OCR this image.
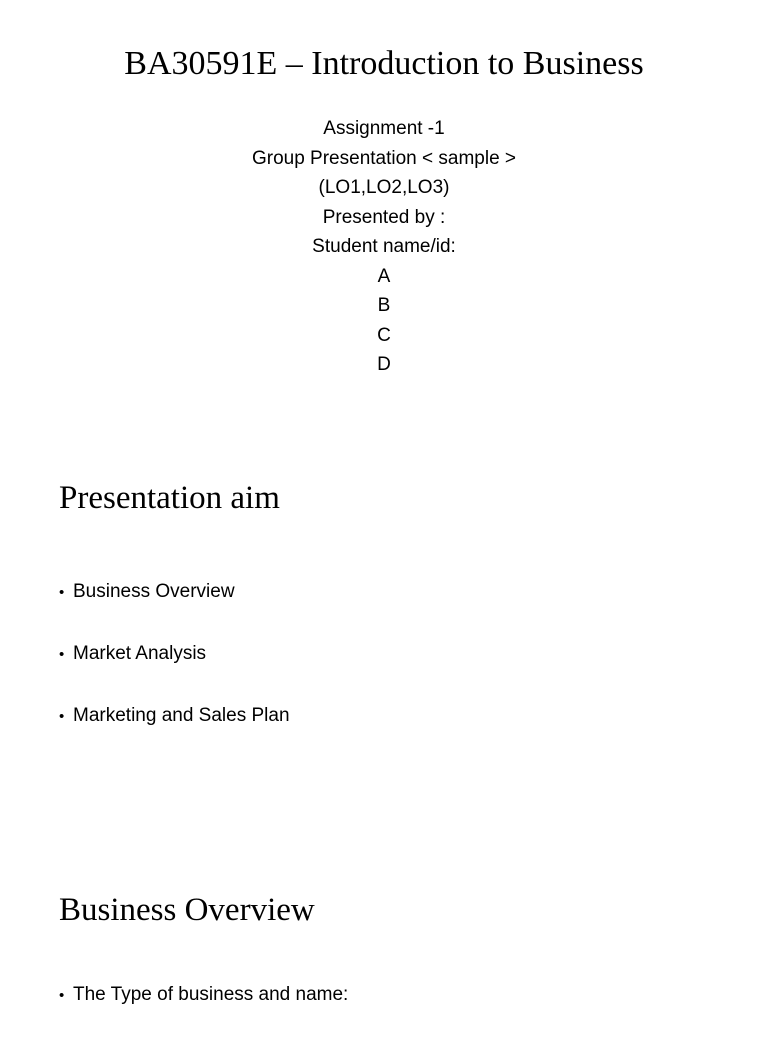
BA30591E – Introduction to Business
Assignment -1
Group Presentation < sample >
(LO1,LO2,LO3)
Presented by :
Student name/id:
A
B
C
D
Presentation aim
• Business Overview
• Market Analysis
• Marketing and Sales Plan
Business Overview
• The Type of business and name:
